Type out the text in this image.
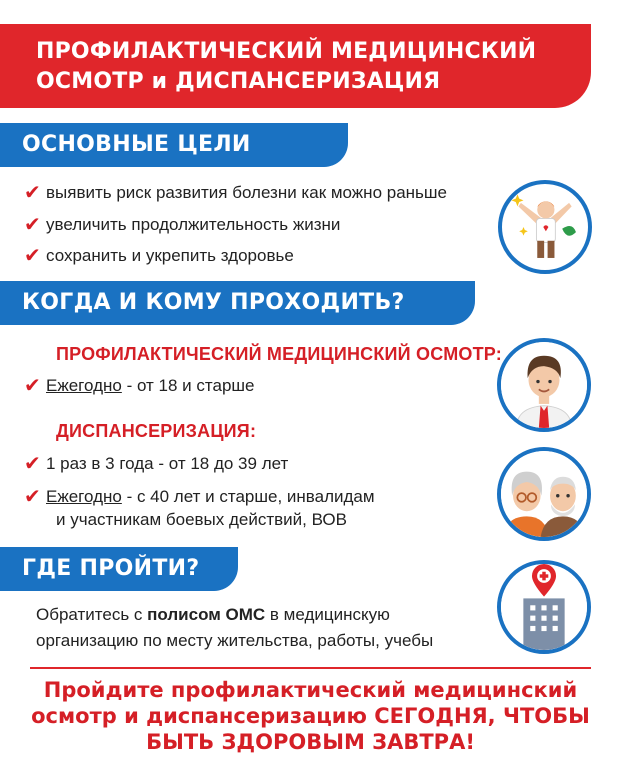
ПРОФИЛАКТИЧЕСКИЙ МЕДИЦИНСКИЙ
ОСМОТР и ДИСПАНСЕРИЗАЦИЯ
ОСНОВНЫЕ ЦЕЛИ
✔ выявить риск развития болезни как можно раньше
✔ увеличить продолжительность жизни
✔ сохранить и укрепить здоровье
КОГДА И КОМУ ПРОХОДИТЬ?
ПРОФИЛАКТИЧЕСКИЙ МЕДИЦИНСКИЙ ОСМОТР:
✔ Ежегодно - от 18 и старше
ДИСПАНСЕРИЗАЦИЯ:
✔ 1 раз в 3 года - от 18 до 39 лет
✔ Ежегодно - с 40 лет и старше, инвалидам
и участникам боевых действий, ВОВ
ГДЕ ПРОЙТИ?
Обратитесь с полисом ОМС в медицинскую
организацию по месту жительства, работы, учебы
Пройдите профилактический медицинский
осмотр и диспансеризацию СЕГОДНЯ, ЧТОБЫ
БЫТЬ ЗДОРОВЫМ ЗАВТРА!
